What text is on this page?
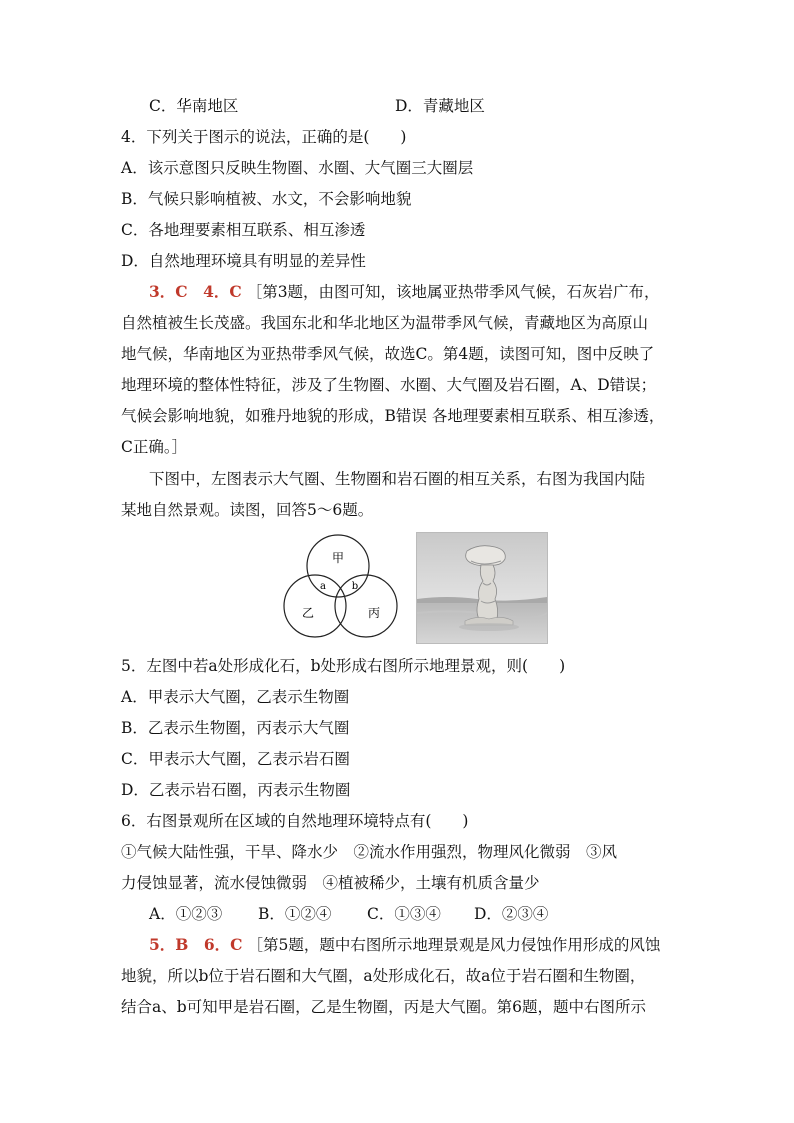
C．华南地区	D．青藏地区
4．下列关于图示的说法，正确的是(　　)
A．该示意图只反映生物圈、水圈、大气圈三大圈层
B．气候只影响植被、水文，不会影响地貌
C．各地理要素相互联系、相互渗透
D．自然地理环境具有明显的差异性
3．C　4．C ［第3题，由图可知，该地属亚热带季风气候，石灰岩广布，
自然植被生长茂盛。我国东北和华北地区为温带季风气候，青藏地区为高原山
地气候，华南地区为亚热带季风气候，故选C。第4题，读图可知，图中反映了
地理环境的整体性特征，涉及了生物圈、水圈、大气圈及岩石圈，A、D错误；
气候会影响地貌，如雅丹地貌的形成，B错误 各地理要素相互联系、相互渗透，
C正确。］
下图中，左图表示大气圈、生物圈和岩石圈的相互关系，右图为我国内陆
某地自然景观。读图，回答5～6题。
甲
乙	丙
a	b
5．左图中若a处形成化石，b处形成右图所示地理景观，则(　　)
A．甲表示大气圈，乙表示生物圈
B．乙表示生物圈，丙表示大气圈
C．甲表示大气圈，乙表示岩石圈
D．乙表示岩石圈，丙表示生物圈
6．右图景观所在区域的自然地理环境特点有(　　)
①气候大陆性强，干旱、降水少　②流水作用强烈，物理风化微弱　③风
力侵蚀显著，流水侵蚀微弱　④植被稀少，土壤有机质含量少
A．①②③ B．①②④ C．①③④ D．②③④
5．B　6．C ［第5题，题中右图所示地理景观是风力侵蚀作用形成的风蚀
地貌，所以b位于岩石圈和大气圈，a处形成化石，故a位于岩石圈和生物圈，
结合a、b可知甲是岩石圈，乙是生物圈，丙是大气圈。第6题，题中右图所示
